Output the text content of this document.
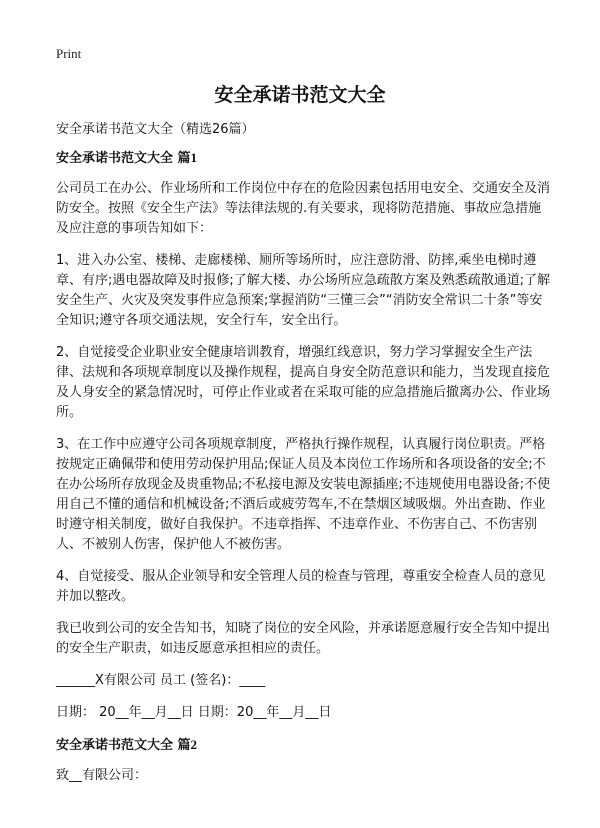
Print
安全承诺书范文大全

安全承诺书范文大全（精选26篇）

安全承诺书范文大全 篇1

公司员工在办公、作业场所和工作岗位中存在的危险因素包括用电安全、交通安全及消防安全。按照《安全生产法》等法律法规的.有关要求，现将防范措施、事故应急措施及应注意的事项告知如下：

1、进入办公室、楼梯、走廊楼梯、厕所等场所时，应注意防滑、防摔,乘坐电梯时遵章、有序;遇电器故障及时报修;了解大楼、办公场所应急疏散方案及熟悉疏散通道;了解安全生产、火灾及突发事件应急预案;掌握消防“三懂三会”“消防安全常识二十条”等安全知识;遵守各项交通法规，安全行车，安全出行。

2、自觉接受企业职业安全健康培训教育，增强红线意识，努力学习掌握安全生产法律、法规和各项规章制度以及操作规程，提高自身安全防范意识和能力，当发现直接危及人身安全的紧急情况时，可停止作业或者在采取可能的应急措施后撤离办公、作业场所。

3、在工作中应遵守公司各项规章制度，严格执行操作规程，认真履行岗位职责。严格按规定正确佩带和使用劳动保护用品;保证人员及本岗位工作场所和各项设备的安全;不在办公场所存放现金及贵重物品;不私接电源及安装电源插座;不违规使用电器设备;不使用自己不懂的通信和机械设备;不酒后或疲劳驾车,不在禁烟区域吸烟。外出查勘、作业时遵守相关制度，做好自我保护。不违章指挥、不违章作业、不伤害自己、不伤害别人、不被别人伤害，保护他人不被伤害。

4、自觉接受、服从企业领导和安全管理人员的检查与管理，尊重安全检查人员的意见并加以整改。

我已收到公司的安全告知书，知晓了岗位的安全风险，并承诺愿意履行安全告知中提出的安全生产职责，如违反愿意承担相应的责任。

______X有限公司 员工 (签名)：____

日期： 20__年__月__日 日期：20__年__月__日

安全承诺书范文大全 篇2

致__有限公司：
